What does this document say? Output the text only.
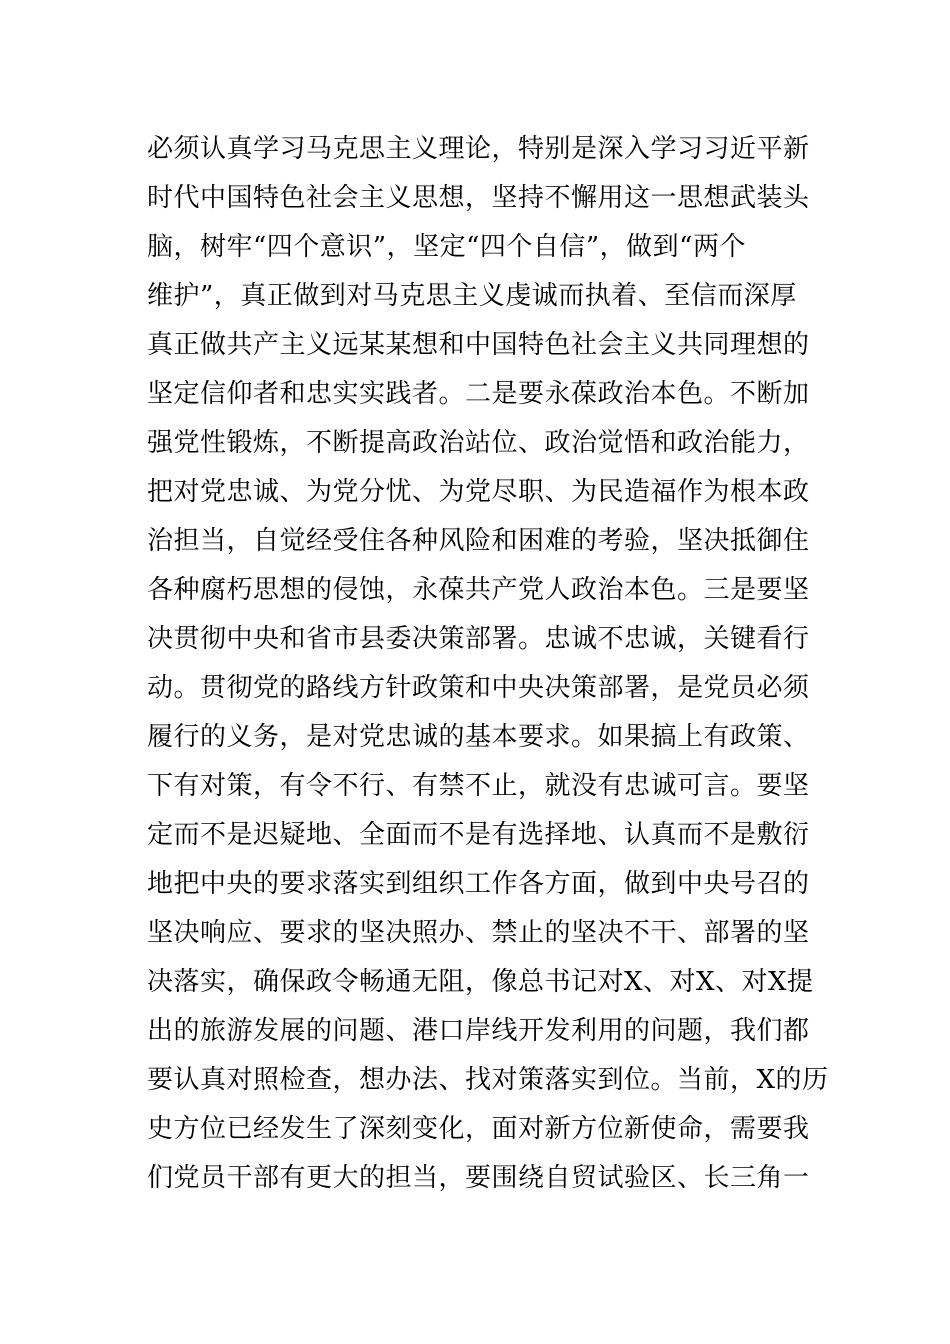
必须认真学习马克思主义理论，特别是深入学习习近平新
时代中国特色社会主义思想，坚持不懈用这一思想武装头
脑，树牢“四个意识”，坚定“四个自信”，做到“两个
维护”，真正做到对马克思主义虔诚而执着、至信而深厚
真正做共产主义远某某想和中国特色社会主义共同理想的
坚定信仰者和忠实实践者。二是要永葆政治本色。不断加
强党性锻炼，不断提高政治站位、政治觉悟和政治能力，
把对党忠诚、为党分忧、为党尽职、为民造福作为根本政
治担当，自觉经受住各种风险和困难的考验，坚决抵御住
各种腐朽思想的侵蚀，永葆共产党人政治本色。三是要坚
决贯彻中央和省市县委决策部署。忠诚不忠诚，关键看行
动。贯彻党的路线方针政策和中央决策部署，是党员必须
履行的义务，是对党忠诚的基本要求。如果搞上有政策、
下有对策，有令不行、有禁不止，就没有忠诚可言。要坚
定而不是迟疑地、全面而不是有选择地、认真而不是敷衍
地把中央的要求落实到组织工作各方面，做到中央号召的
坚决响应、要求的坚决照办、禁止的坚决不干、部署的坚
决落实，确保政令畅通无阻，像总书记对X、对X、对X提
出的旅游发展的问题、港口岸线开发利用的问题，我们都
要认真对照检查，想办法、找对策落实到位。当前，X的历
史方位已经发生了深刻变化，面对新方位新使命，需要我
们党员干部有更大的担当，要围绕自贸试验区、长三角一
